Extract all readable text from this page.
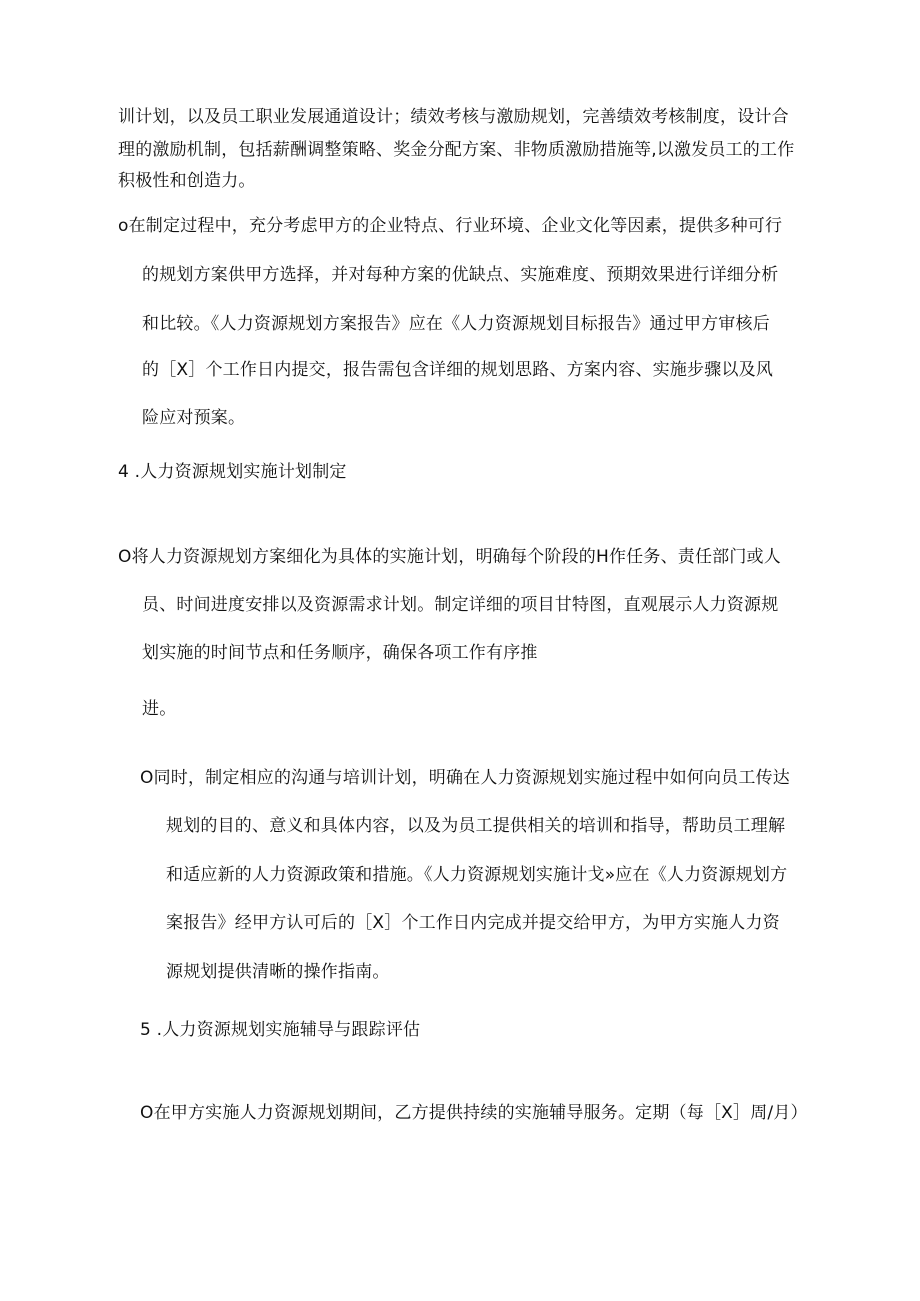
训计划，以及员工职业发展通道设计；绩效考核与激励规划，完善绩效考核制度，设计合
理的激励机制，包括薪酬调整策略、奖金分配方案、非物质激励措施等,以激发员工的工作
积极性和创造力。
o在制定过程中，充分考虑甲方的企业特点、行业环境、企业文化等因素，提供多种可行
的规划方案供甲方选择，并对每种方案的优缺点、实施难度、预期效果进行详细分析
和比较。《人力资源规划方案报告》应在《人力资源规划目标报告》通过甲方审核后
的［X］个工作日内提交，报告需包含详细的规划思路、方案内容、实施步骤以及风
险应对预案。
4 .人力资源规划实施计划制定
O将人力资源规划方案细化为具体的实施计划，明确每个阶段的H作任务、责任部门或人
员、时间进度安排以及资源需求计划。制定详细的项目甘特图，直观展示人力资源规
划实施的时间节点和任务顺序，确保各项工作有序推
进。
O同时，制定相应的沟通与培训计划，明确在人力资源规划实施过程中如何向员工传达
规划的目的、意义和具体内容，以及为员工提供相关的培训和指导，帮助员工理解
和适应新的人力资源政策和措施。《人力资源规划实施计戈»应在《人力资源规划方
案报告》经甲方认可后的［X］个工作日内完成并提交给甲方，为甲方实施人力资
源规划提供清晰的操作指南。
5 .人力资源规划实施辅导与跟踪评估
O在甲方实施人力资源规划期间，乙方提供持续的实施辅导服务。定期（每［X］周/月）
